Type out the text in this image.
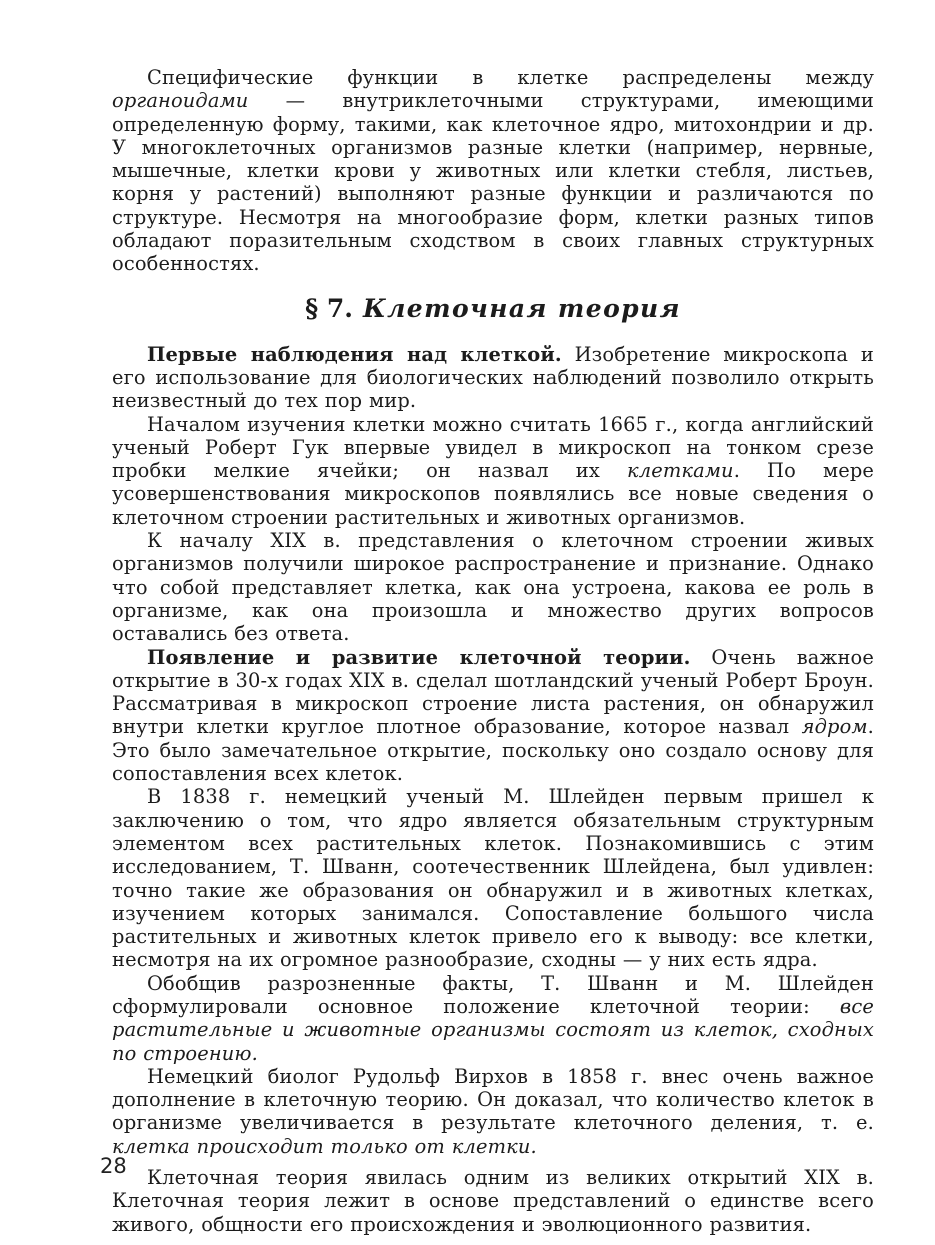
Специфические функции в клетке распределены между органоидами — внутриклеточными структурами, имеющими определенную форму, такими, как клеточное ядро, митохондрии и др. У многоклеточных организмов разные клетки (например, нервные, мышечные, клетки крови у животных или клетки стебля, листьев, корня у растений) выполняют разные функции и различаются по структуре. Несмотря на многообразие форм, клетки разных типов обладают поразительным сходством в своих главных структурных особенностях.

§ 7. Клеточная теория

Первые наблюдения над клеткой. Изобретение микроскопа и его использование для биологических наблюдений позволило открыть неизвестный до тех пор мир.

Началом изучения клетки можно считать 1665 г., когда английский ученый Роберт Гук впервые увидел в микроскоп на тонком срезе пробки мелкие ячейки; он назвал их клетками. По мере усовершенствования микроскопов появлялись все новые сведения о клеточном строении растительных и животных организмов.

К началу XIX в. представления о клеточном строении живых организмов получили широкое распространение и признание. Однако что собой представляет клетка, как она устроена, какова ее роль в организме, как она произошла и множество других вопросов оставались без ответа.

Появление и развитие клеточной теории. Очень важное открытие в 30-х годах XIX в. сделал шотландский ученый Роберт Броун. Рассматривая в микроскоп строение листа растения, он обнаружил внутри клетки круглое плотное образование, которое назвал ядром. Это было замечательное открытие, поскольку оно создало основу для сопоставления всех клеток.

В 1838 г. немецкий ученый М. Шлейден первым пришел к заключению о том, что ядро является обязательным структурным элементом всех растительных клеток. Познакомившись с этим исследованием, Т. Шванн, соотечественник Шлейдена, был удивлен: точно такие же образования он обнаружил и в животных клетках, изучением которых занимался. Сопоставление большого числа растительных и животных клеток привело его к выводу: все клетки, несмотря на их огромное разнообразие, сходны — у них есть ядра.

Обобщив разрозненные факты, Т. Шванн и М. Шлейден сформулировали основное положение клеточной теории: все растительные и животные организмы состоят из клеток, сходных по строению.

Немецкий биолог Рудольф Вирхов в 1858 г. внес очень важное дополнение в клеточную теорию. Он доказал, что количество клеток в организме увеличивается в результате клеточного деления, т. е. клетка происходит только от клетки.

Клеточная теория явилась одним из великих открытий XIX в. Клеточная теория лежит в основе представлений о единстве всего живого, общности его происхождения и эволюционного развития.

28
